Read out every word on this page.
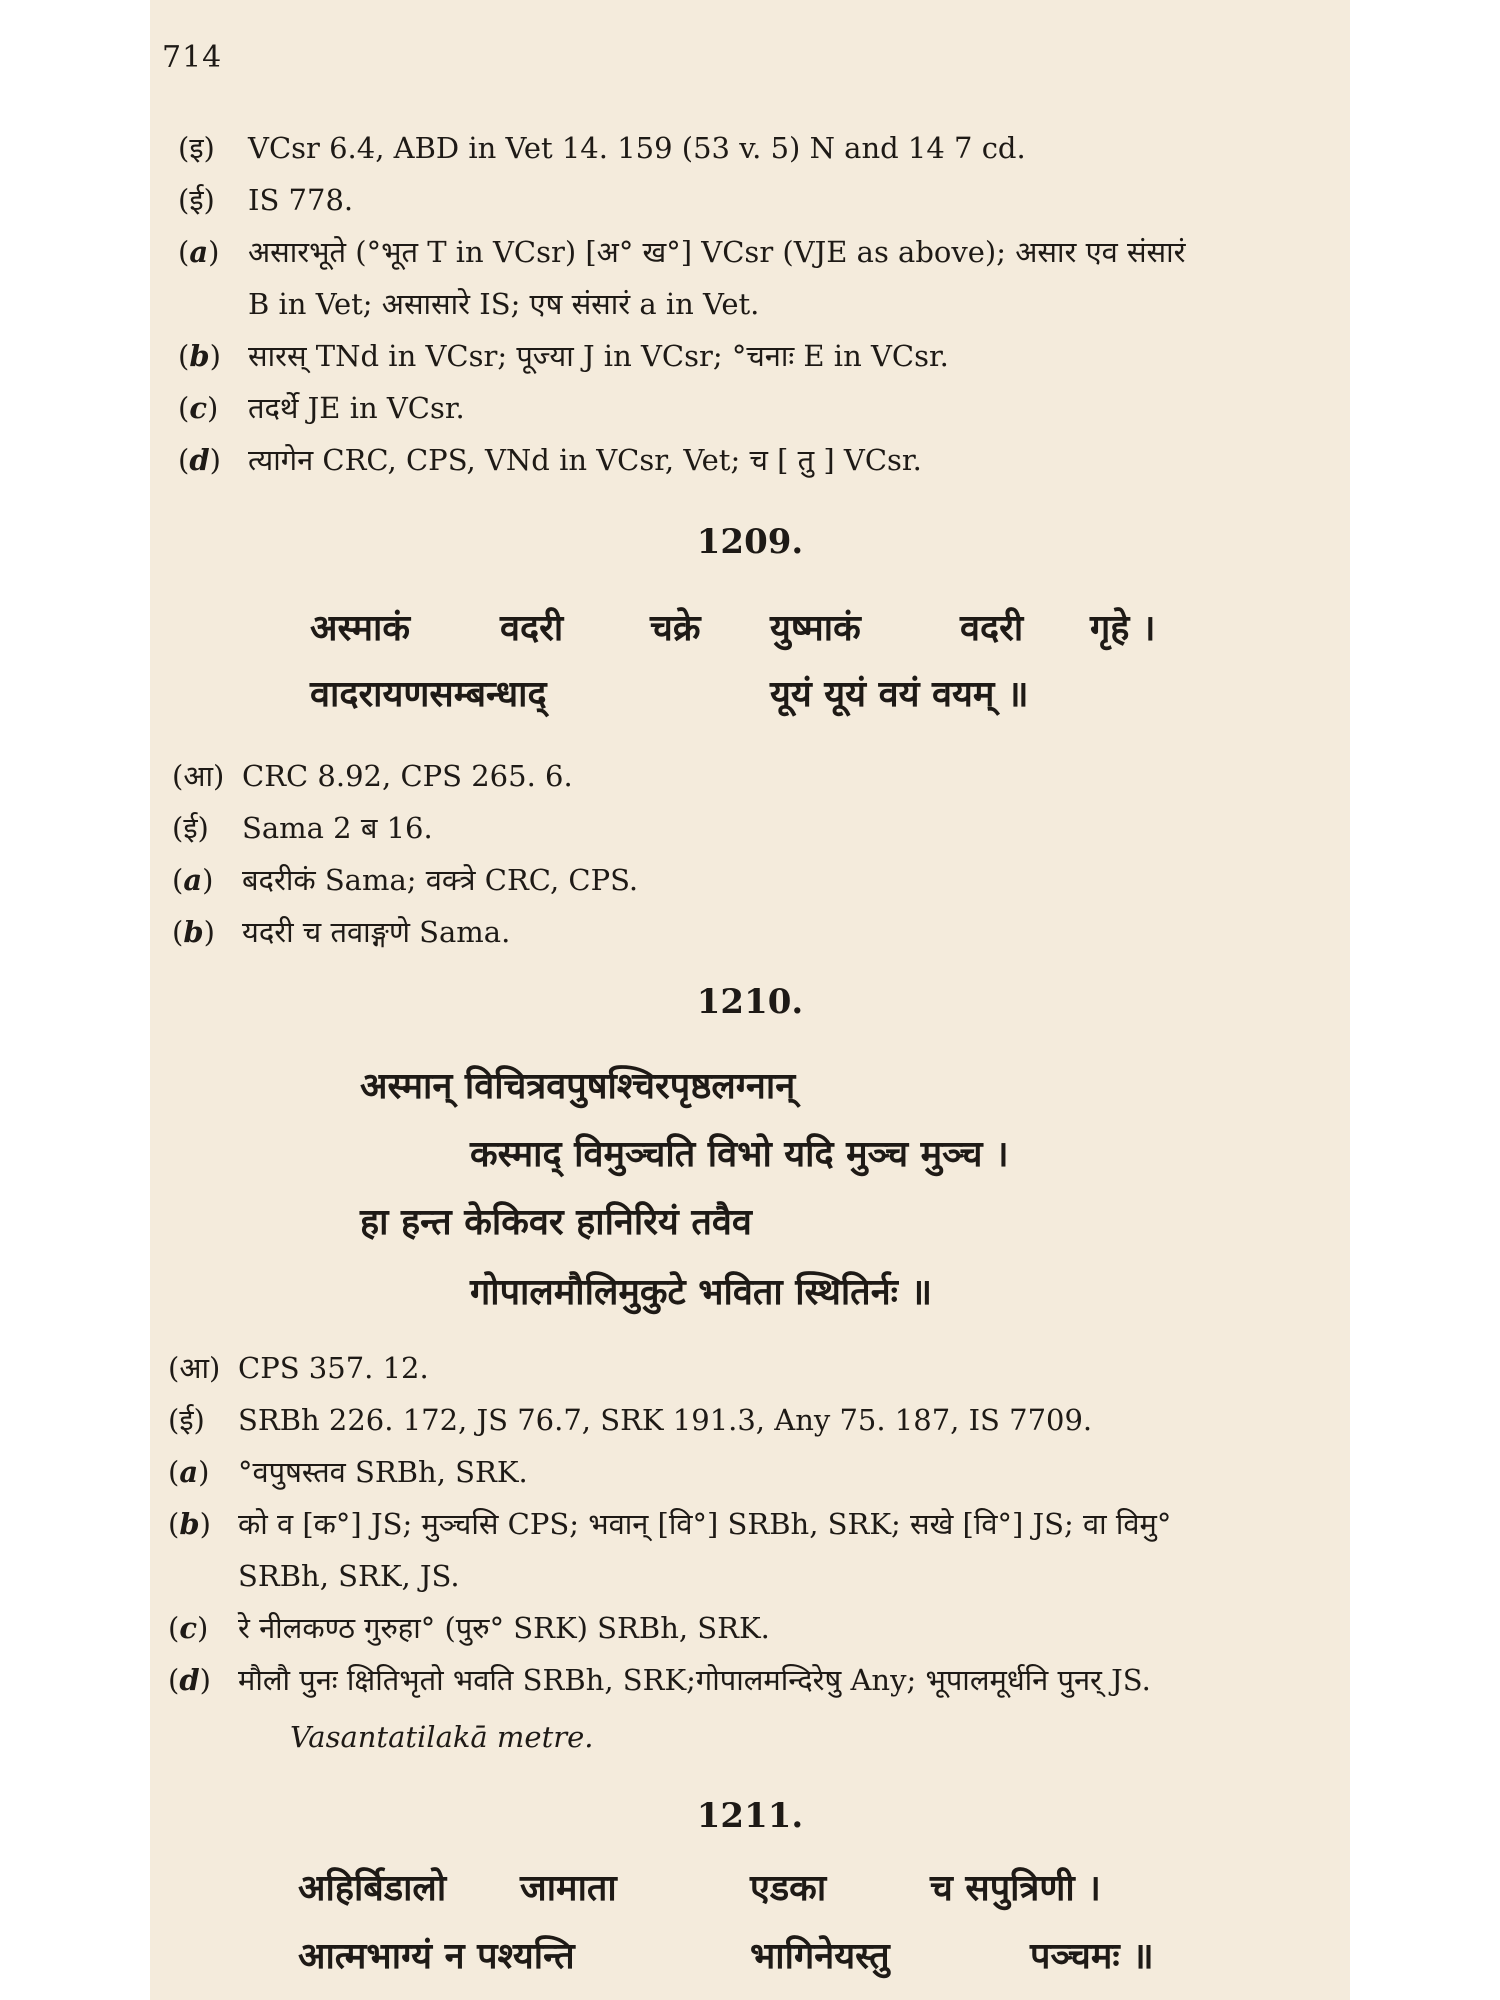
714
(इ) VCsr 6.4, ABD in Vet 14. 159 (53 v. 5) N and 14 7 cd.
(ई) IS 778.
(a) असारभूते (°भूत T in VCsr) [अ° ख°] VCsr (VJE as above); असार एव संसारं
B in Vet; असासारे IS; एष संसारं a in Vet.
(b) सारस् TNd in VCsr; पूज्या J in VCsr; °चनाः E in VCsr.
(c) तदर्थे JE in VCsr.
(d) त्यागेन CRC, CPS, VNd in VCsr, Vet; च [ तु ] VCsr.
1209.
अस्माकं वदरी चक्रे युष्माकं	वदरी गृहे ।
वादरायणसम्बन्धाद्	यूयं यूयं वयं वयम् ॥
(आ) CRC 8.92, CPS 265. 6.
(ई) Sama 2 ब 16.
(a) बदरीकं Sama; वक्त्रे CRC, CPS.
(b) यदरी च तवाङ्गणे Sama.
1210.
अस्मान् विचित्रवपुषश्चिरपृष्ठलग्नान्
कस्माद् विमुञ्चति विभो यदि मुञ्च मुञ्च ।
हा हन्त केकिवर हानिरियं तवैव
गोपालमौलिमुकुटे भविता स्थितिर्नः ॥
(आ) CPS 357. 12.
(ई) SRBh 226. 172, JS 76.7, SRK 191.3, Any 75. 187, IS 7709.
(a) °वपुषस्तव SRBh, SRK.
(b) को व [क°] JS; मुञ्चसि CPS; भवान् [वि°] SRBh, SRK; सखे [वि°] JS; वा विमु°
SRBh, SRK, JS.
(c) रे नीलकण्ठ गुरुहा° (पुरु° SRK) SRBh, SRK.
(d) मौलौ पुनः क्षितिभृतो भवति SRBh, SRK;गोपालमन्दिरेषु Any; भूपालमूर्धनि पुनर् JS.
Vasantatilakā metre.
1211.
अहिर्बिडालो जामाता	एडका	च सपुत्रिणी ।
आत्मभाग्यं न पश्यन्ति	भागिनेयस्तु	पञ्चमः ॥
